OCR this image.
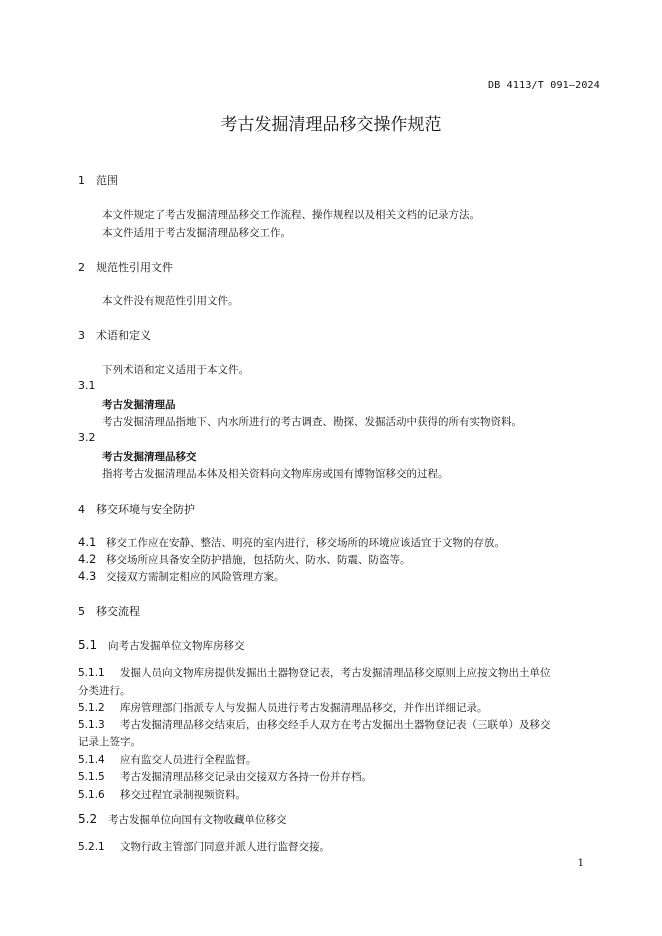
DB 4113/T 091—2024
考古发掘清理品移交操作规范
1 范围
本文件规定了考古发掘清理品移交工作流程、操作规程以及相关文档的记录方法。
本文件适用于考古发掘清理品移交工作。
2 规范性引用文件
本文件没有规范性引用文件。
3 术语和定义
下列术语和定义适用于本文件。
3.1
考古发掘清理品
考古发掘清理品指地下、内水所进行的考古调查、勘探、发掘活动中获得的所有实物资料。
3.2
考古发掘清理品移交
指将考古发掘清理品本体及相关资料向文物库房或国有博物馆移交的过程。
4 移交环境与安全防护
4.1 移交工作应在安静、整洁、明亮的室内进行，移交场所的环境应该适宜于文物的存放。
4.2 移交场所应具备安全防护措施，包括防火、防水、防震、防盗等。
4.3 交接双方需制定相应的风险管理方案。
5 移交流程
5.1 向考古发掘单位文物库房移交
5.1.1 发掘人员向文物库房提供发掘出土器物登记表，考古发掘清理品移交原则上应按文物出土单位
分类进行。
5.1.2 库房管理部门指派专人与发掘人员进行考古发掘清理品移交，并作出详细记录。
5.1.3 考古发掘清理品移交结束后，由移交经手人双方在考古发掘出土器物登记表（三联单）及移交
记录上签字。
5.1.4 应有监交人员进行全程监督。
5.1.5 考古发掘清理品移交记录由交接双方各持一份并存档。
5.1.6 移交过程宜录制视频资料。
5.2 考古发掘单位向国有文物收藏单位移交
5.2.1 文物行政主管部门同意并派人进行监督交接。
1
